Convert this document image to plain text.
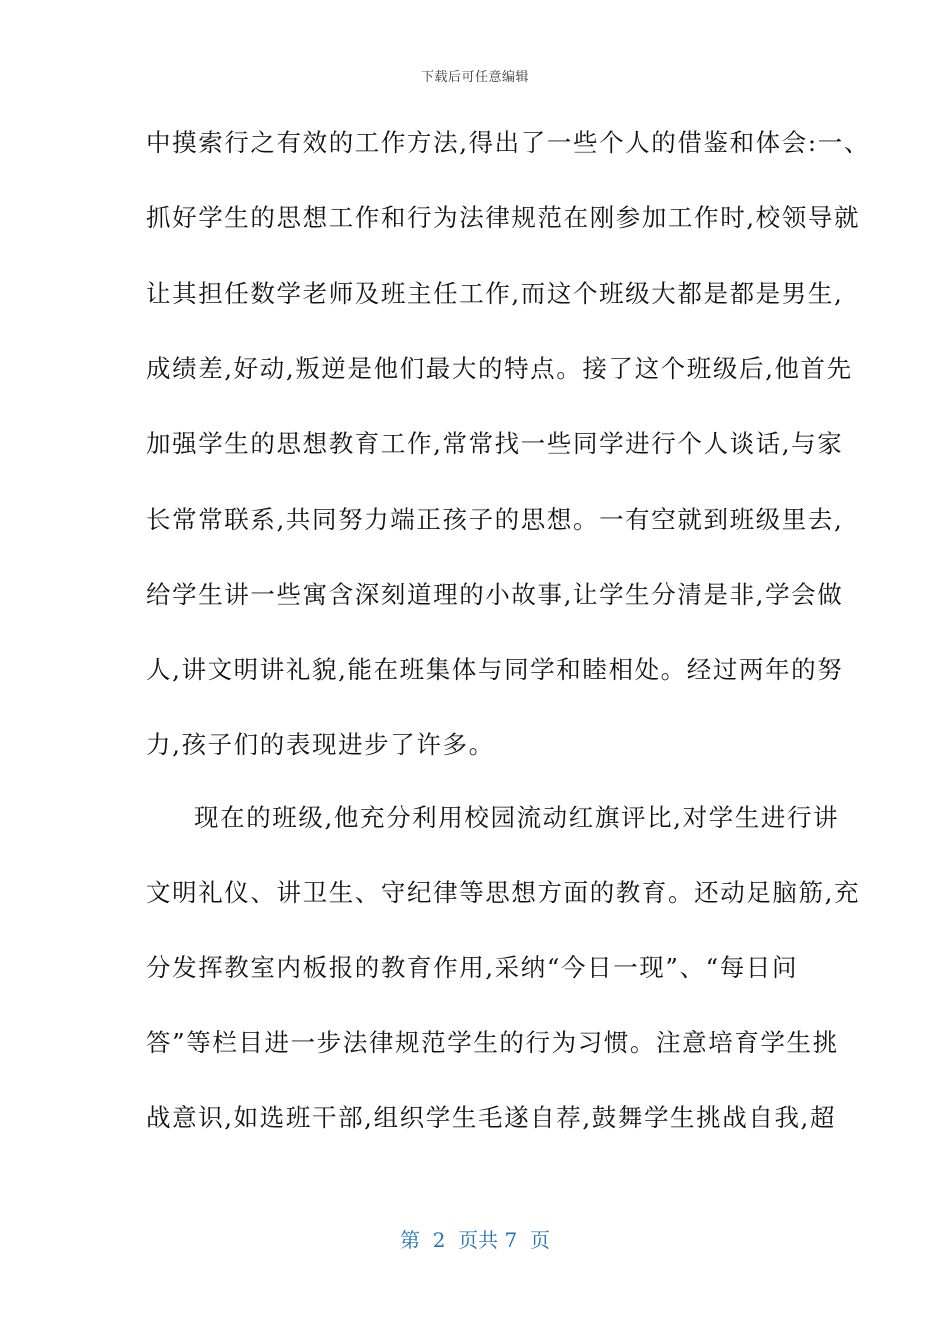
下载后可任意编辑
中摸索行之有效的工作方法,得出了一些个人的借鉴和体会:一、
抓好学生的思想工作和行为法律规范在刚参加工作时,校领导就
让其担任数学老师及班主任工作,而这个班级大都是都是男生,
成绩差,好动,叛逆是他们最大的特点。接了这个班级后,他首先
加强学生的思想教育工作,常常找一些同学进行个人谈话,与家
长常常联系,共同努力端正孩子的思想。一有空就到班级里去,
给学生讲一些寓含深刻道理的小故事,让学生分清是非,学会做
人,讲文明讲礼貌,能在班集体与同学和睦相处。经过两年的努
力,孩子们的表现进步了许多。
现在的班级,他充分利用校园流动红旗评比,对学生进行讲
文明礼仪、讲卫生、守纪律等思想方面的教育。还动足脑筋,充
分发挥教室内板报的教育作用,采纳“今日一现”、“每日问
答”等栏目进一步法律规范学生的行为习惯。注意培育学生挑
战意识,如选班干部,组织学生毛遂自荐,鼓舞学生挑战自我,超
第  2  页共 7  页
